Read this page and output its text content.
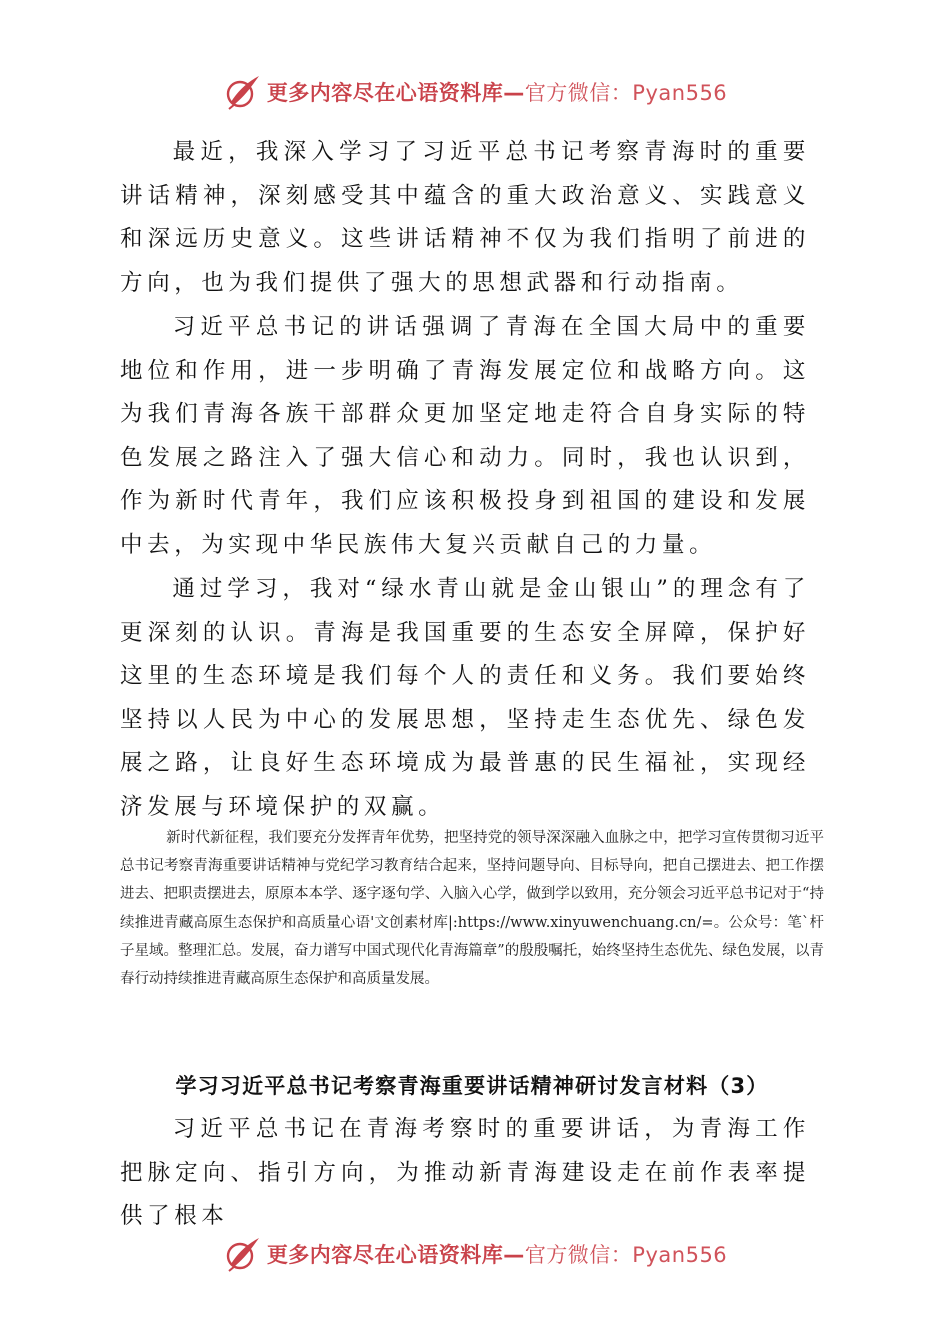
更多内容尽在心语资料库—官方微信：Pyan556

最近，我深入学习了习近平总书记考察青海时的重要讲话精神，深刻感受其中蕴含的重大政治意义、实践意义和深远历史意义。这些讲话精神不仅为我们指明了前进的方向，也为我们提供了强大的思想武器和行动指南。

习近平总书记的讲话强调了青海在全国大局中的重要地位和作用，进一步明确了青海发展定位和战略方向。这为我们青海各族干部群众更加坚定地走符合自身实际的特色发展之路注入了强大信心和动力。同时，我也认识到，作为新时代青年，我们应该积极投身到祖国的建设和发展中去，为实现中华民族伟大复兴贡献自己的力量。

通过学习，我对“绿水青山就是金山银山”的理念有了更深刻的认识。青海是我国重要的生态安全屏障，保护好这里的生态环境是我们每个人的责任和义务。我们要始终坚持以人民为中心的发展思想，坚持走生态优先、绿色发展之路，让良好生态环境成为最普惠的民生福祉，实现经济发展与环境保护的双赢。

新时代新征程，我们要充分发挥青年优势，把坚持党的领导深深融入血脉之中，把学习宣传贯彻习近平总书记考察青海重要讲话精神与党纪学习教育结合起来，坚持问题导向、目标导向，把自己摆进去、把工作摆进去、把职责摆进去，原原本本学、逐字逐句学、入脑入心学，做到学以致用，充分领会习近平总书记对于“持续推进青藏高原生态保护和高质量心语'文创素材库|:https://www.xinyuwenchuang.cn/=。公众号：笔`杆子星域。整理汇总。发展，奋力谱写中国式现代化青海篇章”的殷殷嘱托，始终坚持生态优先、绿色发展，以青春行动持续推进青藏高原生态保护和高质量发展。

学习习近平总书记考察青海重要讲话精神研讨发言材料（3）

习近平总书记在青海考察时的重要讲话，为青海工作把脉定向、指引方向，为推动新青海建设走在前作表率提供了根本

更多内容尽在心语资料库—官方微信：Pyan556
